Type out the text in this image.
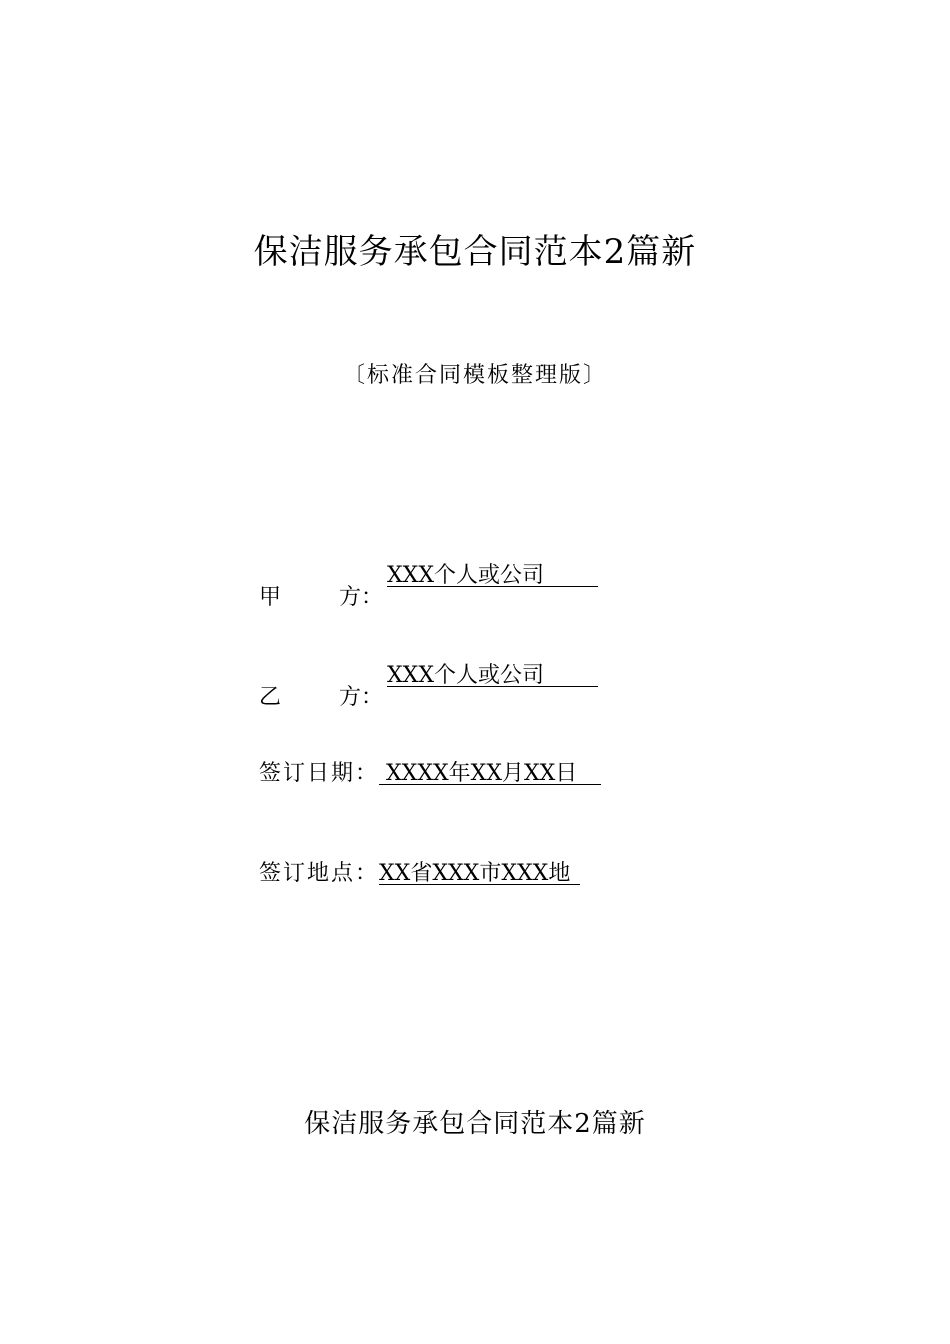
保洁服务承包合同范本2篇新
〔标准合同模板整理版〕
甲	方：
XXX个人或公司
乙	方：
XXX个人或公司
签订日期： XXXX年XX月XX日
签订地点：XX省XXX市XXX地
保洁服务承包合同范本2篇新
